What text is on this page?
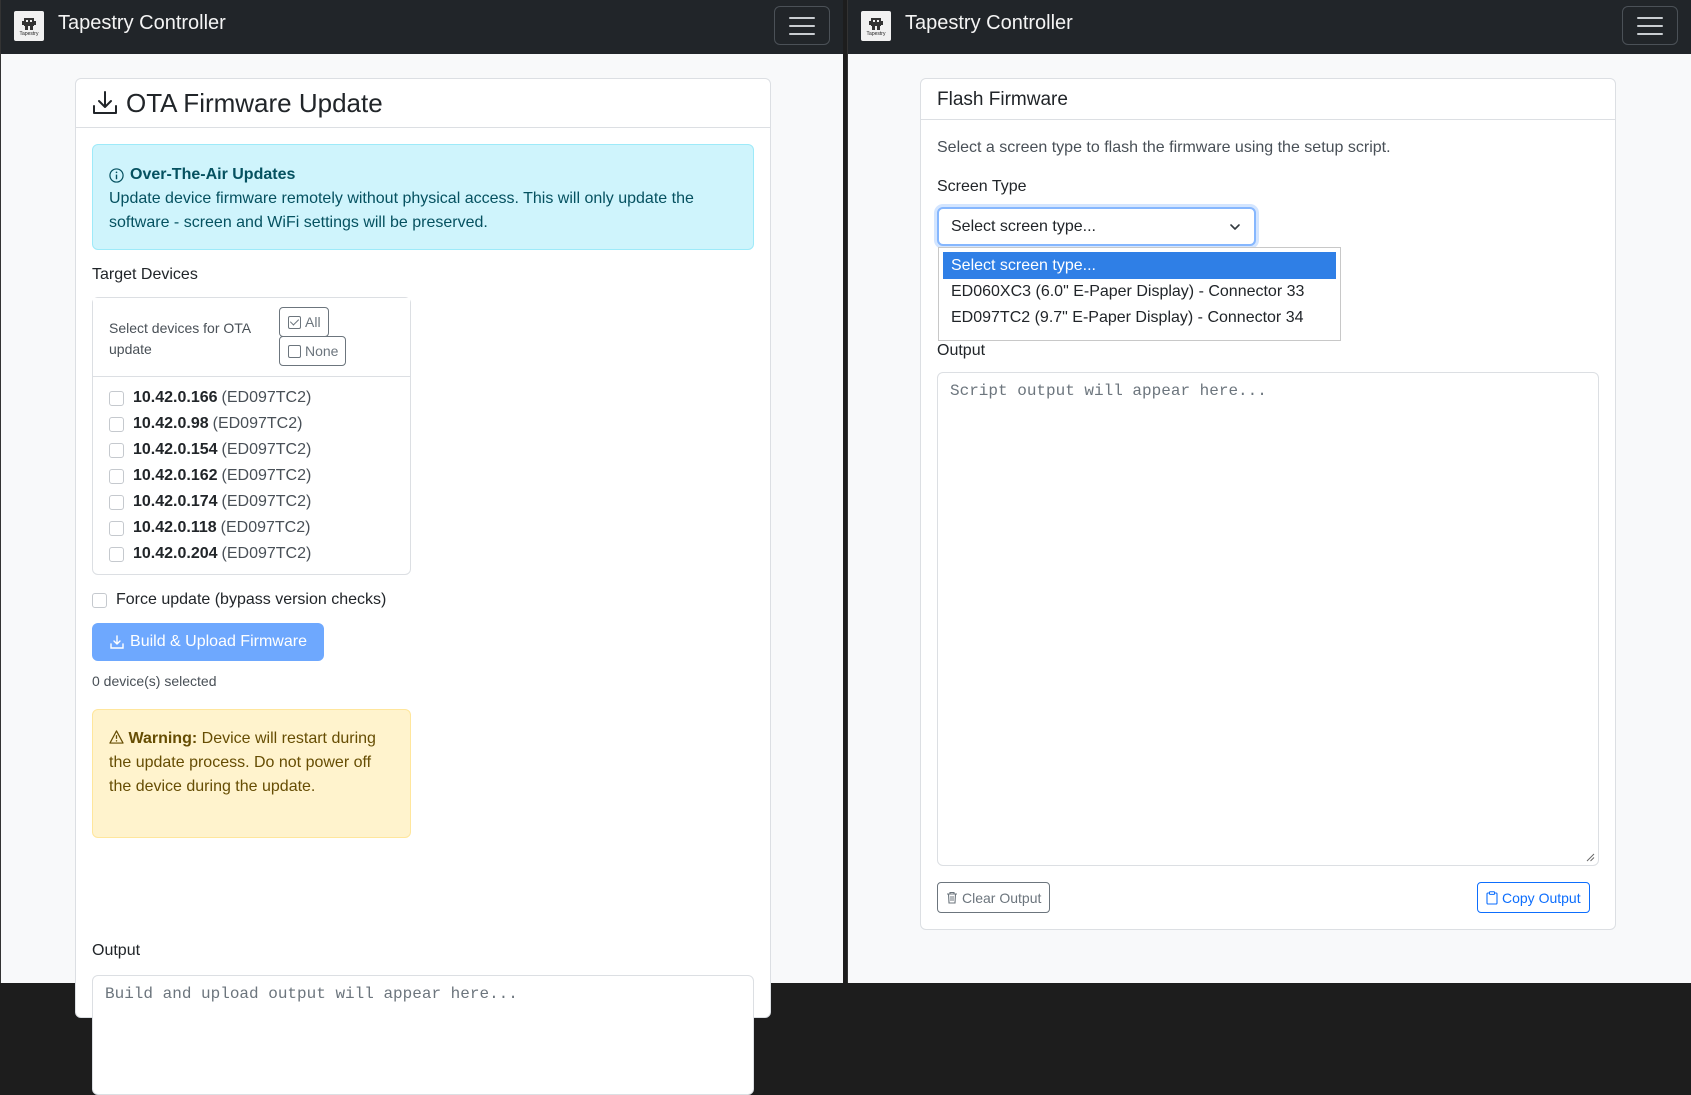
Tapestry Tapestry Controller
OTA Firmware Update
Over-The-Air Updates
Update device firmware remotely without physical access. This will only update the software - screen and WiFi settings will be preserved.
Target Devices
Select devices for OTA update
All
None
10.42.0.166 (ED097TC2)
10.42.0.98 (ED097TC2)
10.42.0.154 (ED097TC2)
10.42.0.162 (ED097TC2)
10.42.0.174 (ED097TC2)
10.42.0.118 (ED097TC2)
10.42.0.204 (ED097TC2)
Force update (bypass version checks)
Build & Upload Firmware
0 device(s) selected
Warning: Device will restart during the update process. Do not power off the device during the update.
Output
Build and upload output will appear here...
Tapestry Tapestry Controller
Flash Firmware
Select a screen type to flash the firmware using the setup script.
Screen Type
Select screen type...
Output
Script output will appear here...
Clear Output	Copy Output
Select screen type...
ED060XC3 (6.0" E-Paper Display) - Connector 33
ED097TC2 (9.7" E-Paper Display) - Connector 34
